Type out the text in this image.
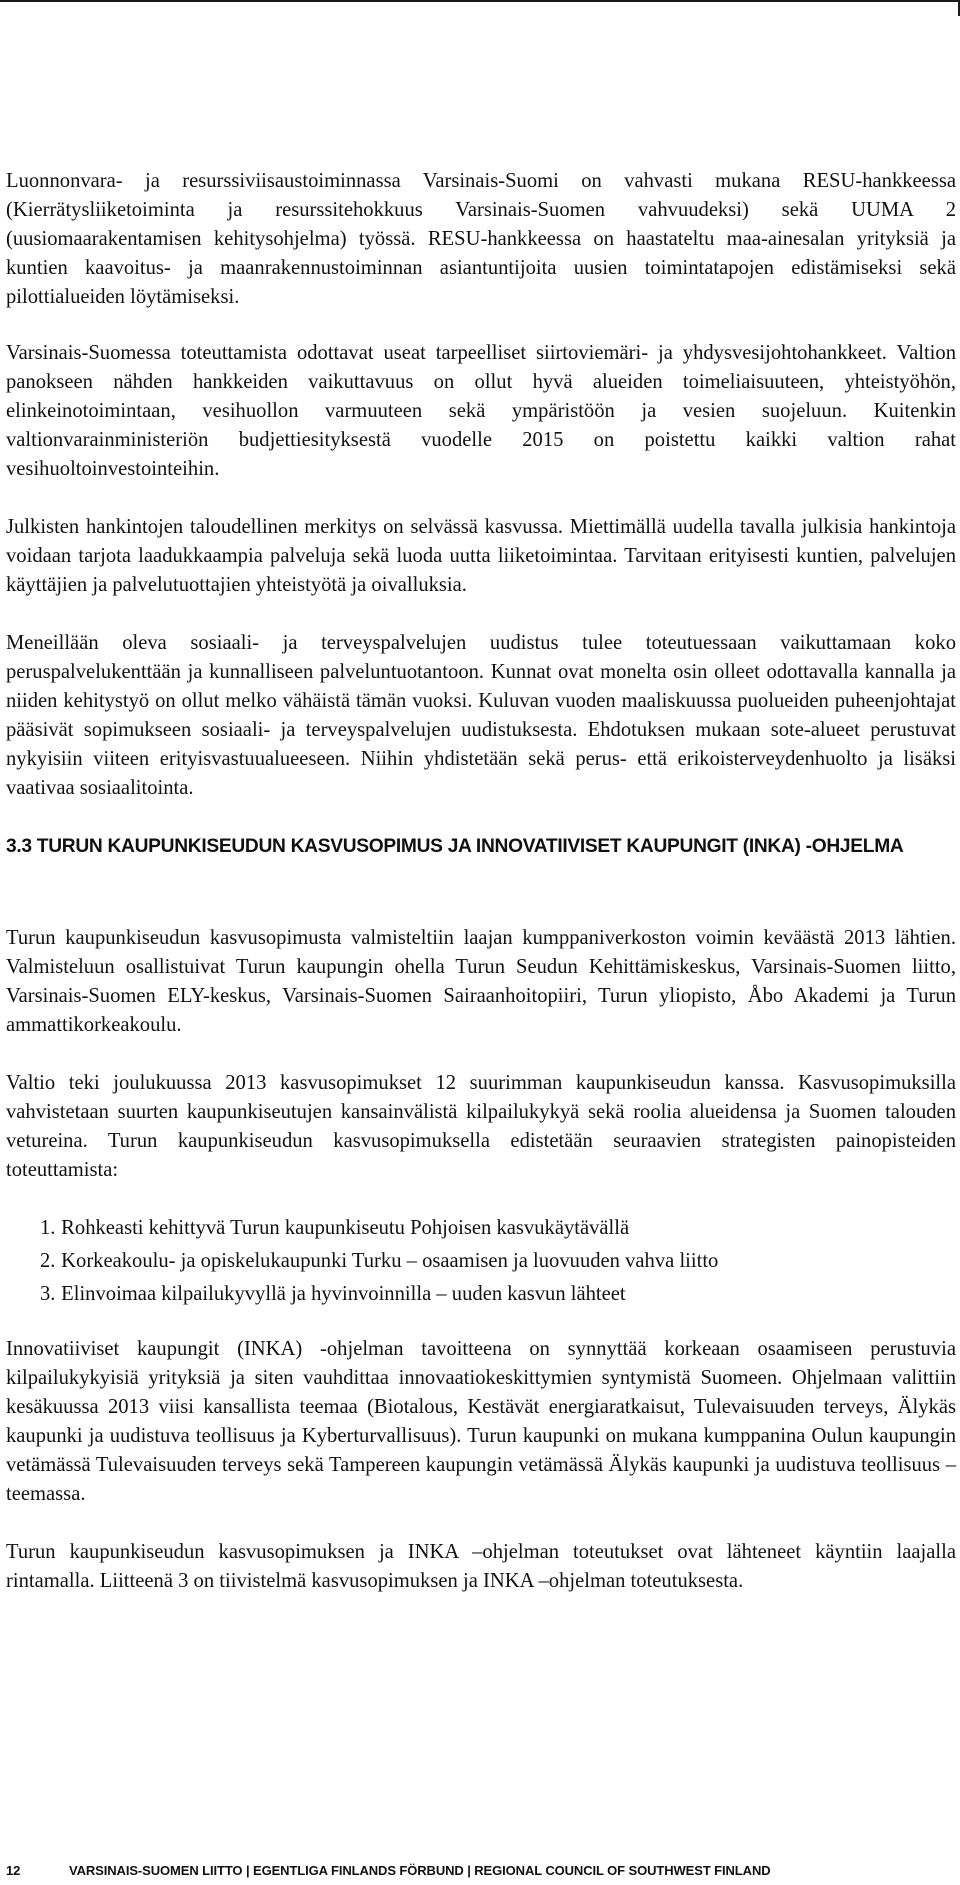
Luonnonvara- ja resurssiviisaustoiminnassa Varsinais-Suomi on vahvasti mukana RESU-hankkeessa (Kierrätysliiketoiminta ja resurssitehokkuus Varsinais-Suomen vahvuudeksi) sekä UUMA 2 (uusiomaarakentamisen kehitysohjelma) työssä. RESU-hankkeessa on haastateltu maa-ainesalan yrityksiä ja kuntien kaavoitus- ja maanrakennustoiminnan asiantuntijoita uusien toimintatapojen edistämiseksi sekä pilottialueiden löytämiseksi.

Varsinais-Suomessa toteuttamista odottavat useat tarpeelliset siirtoviemäri- ja yhdysvesijohtohankkeet. Valtion panokseen nähden hankkeiden vaikuttavuus on ollut hyvä alueiden toimeliaisuuteen, yhteistyöhön, elinkeinotoimintaan, vesihuollon varmuuteen sekä ympäristöön ja vesien suojeluun. Kuitenkin valtionvarainministeriön budjettiesityksestä vuodelle 2015 on poistettu kaikki valtion rahat vesihuoltoinvestointeihin.

Julkisten hankintojen taloudellinen merkitys on selvässä kasvussa. Miettimällä uudella tavalla julkisia hankintoja voidaan tarjota laadukkaampia palveluja sekä luoda uutta liiketoimintaa. Tarvitaan erityisesti kuntien, palvelujen käyttäjien ja palvelutuottajien yhteistyötä ja oivalluksia.

Meneillään oleva sosiaali- ja terveyspalvelujen uudistus tulee toteutuessaan vaikuttamaan koko peruspalvelukenttään ja kunnalliseen palveluntuotantoon. Kunnat ovat monelta osin olleet odottavalla kannalla ja niiden kehitystyö on ollut melko vähäistä tämän vuoksi. Kuluvan vuoden maaliskuussa puolueiden puheenjohtajat pääsivät sopimukseen sosiaali- ja terveyspalvelujen uudistuksesta. Ehdotuksen mukaan sote-alueet perustuvat nykyisiin viiteen erityisvastuualueeseen. Niihin yhdistetään sekä perus- että erikoisterveydenhuolto ja lisäksi vaativaa sosiaalitointa.

3.3 TURUN KAUPUNKISEUDUN KASVUSOPIMUS JA INNOVATIIVISET KAUPUNGIT (INKA) -OHJELMA

Turun kaupunkiseudun kasvusopimusta valmisteltiin laajan kumppaniverkoston voimin keväästä 2013 lähtien. Valmisteluun osallistuivat Turun kaupungin ohella Turun Seudun Kehittämiskeskus, Varsinais-Suomen liitto, Varsinais-Suomen ELY-keskus, Varsinais-Suomen Sairaanhoitopiiri, Turun yliopisto, Åbo Akademi ja Turun ammattikorkeakoulu.

Valtio teki joulukuussa 2013 kasvusopimukset 12 suurimman kaupunkiseudun kanssa. Kasvusopimuksilla vahvistetaan suurten kaupunkiseutujen kansainvälistä kilpailukykyä sekä roolia alueidensa ja Suomen talouden vetureina. Turun kaupunkiseudun kasvusopimuksella edistetään seuraavien strategisten painopisteiden toteuttamista:

1. Rohkeasti kehittyvä Turun kaupunkiseutu Pohjoisen kasvukäytävällä
2. Korkeakoulu- ja opiskelukaupunki Turku – osaamisen ja luovuuden vahva liitto
3. Elinvoimaa kilpailukyvyllä ja hyvinvoinnilla – uuden kasvun lähteet

Innovatiiviset kaupungit (INKA) -ohjelman tavoitteena on synnyttää korkeaan osaamiseen perustuvia kilpailukykyisiä yrityksiä ja siten vauhdittaa innovaatiokeskittymien syntymistä Suomeen. Ohjelmaan valittiin kesäkuussa 2013 viisi kansallista teemaa (Biotalous, Kestävät energiaratkaisut, Tulevaisuuden terveys, Älykäs kaupunki ja uudistuva teollisuus ja Kyberturvallisuus). Turun kaupunki on mukana kumppanina Oulun kaupungin vetämässä Tulevaisuuden terveys sekä Tampereen kaupungin vetämässä Älykäs kaupunki ja uudistuva teollisuus – teemassa.

Turun kaupunkiseudun kasvusopimuksen ja INKA –ohjelman toteutukset ovat lähteneet käyntiin laajalla rintamalla. Liitteenä 3 on tiivistelmä kasvusopimuksen ja INKA –ohjelman toteutuksesta.

12	VARSINAIS-SUOMEN LIITTO | EGENTLIGA FINLANDS FÖRBUND | REGIONAL COUNCIL OF SOUTHWEST FINLAND
